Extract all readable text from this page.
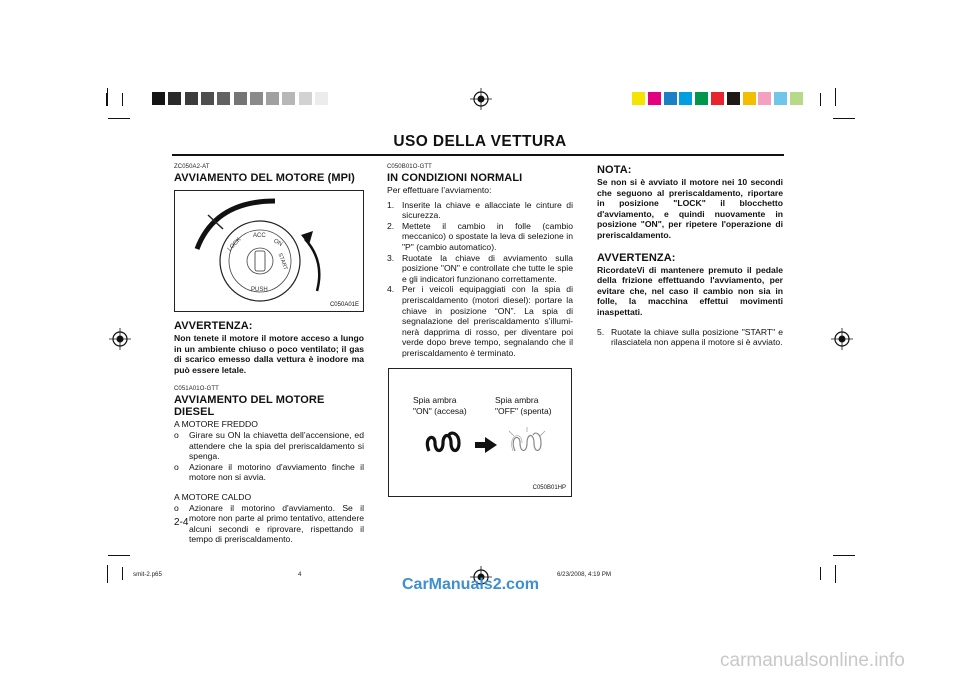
USO DELLA VETTURA
ZC050A2-AT
AVVIAMENTO DEL MOTORE (MPI)
LOCK
ACC
ON
START
PUSH
C050A01E
AVVERTENZA:
Non tenete il motore il motore acceso a lungo in un ambiente chiuso o poco ventilato; il gas di scarico emesso dalla vettura è inodore ma può essere letale.
C051A01O-GTT
AVVIAMENTO DEL MOTORE DIESEL
A MOTORE FREDDO
o Girare su ON la chiavetta dell’accensione, ed attendere che la spia del preriscaldamento si spenga.
o Azionare il motorino d'avviamento finche il motore non si avvia.
A MOTORE CALDO
o Azionare il motorino d'avviamento. Se il motore non parte al primo tentativo, attendere alcuni secondi e riprovare, rispettando il tempo di preriscaldamento.
2-4
C050B01O-GTT
IN CONDIZIONI NORMALI
Per effettuare l’avviamento:
1. Inserite la chiave e allacciate le cinture di sicurezza.
2. Mettete il cambio in folle (cambio meccanico) o spostate la leva di selezione in "P" (cambio automatico).
3. Ruotate la chiave di avviamento sulla posizione "ON" e controllate che tutte le spie e gli indicatori funzionano correttamente.
4. Per i veicoli equipaggiati con la spia di preriscaldamento (motori diesel): portare la chiave in posizione “ON”. La spia di segnalazione del preriscaldamento s’illumi- nerà dapprima di rosso, per diventare poi verde dopo breve tempo, segnalando che il preriscaldamento è terminato.
Spia ambra
"ON" (accesa)
Spia ambra
"OFF" (spenta)
C050B01HP
NOTA:
Se non si è avviato il motore nei 10 secondi che seguono al preriscaldamento, riportare in posizione "LOCK" il blocchetto d'avviamento, e quindi nuovamente in posizione "ON", per ripetere l'operazione di preriscaldamento.
AVVERTENZA:
RicordateVi di mantenere premuto il pedale della frizione effettuando l'avviamento, per evitare che, nel caso il cambio non sia in folle, la macchina effettui movimenti inaspettati.
5. Ruotate la chiave sulla posizione "START" e rilasciatela non appena il motore si è avviato.
smit-2.p65	4	6/23/2008, 4:19 PM
CarManuals2.com
carmanualsonline.info
